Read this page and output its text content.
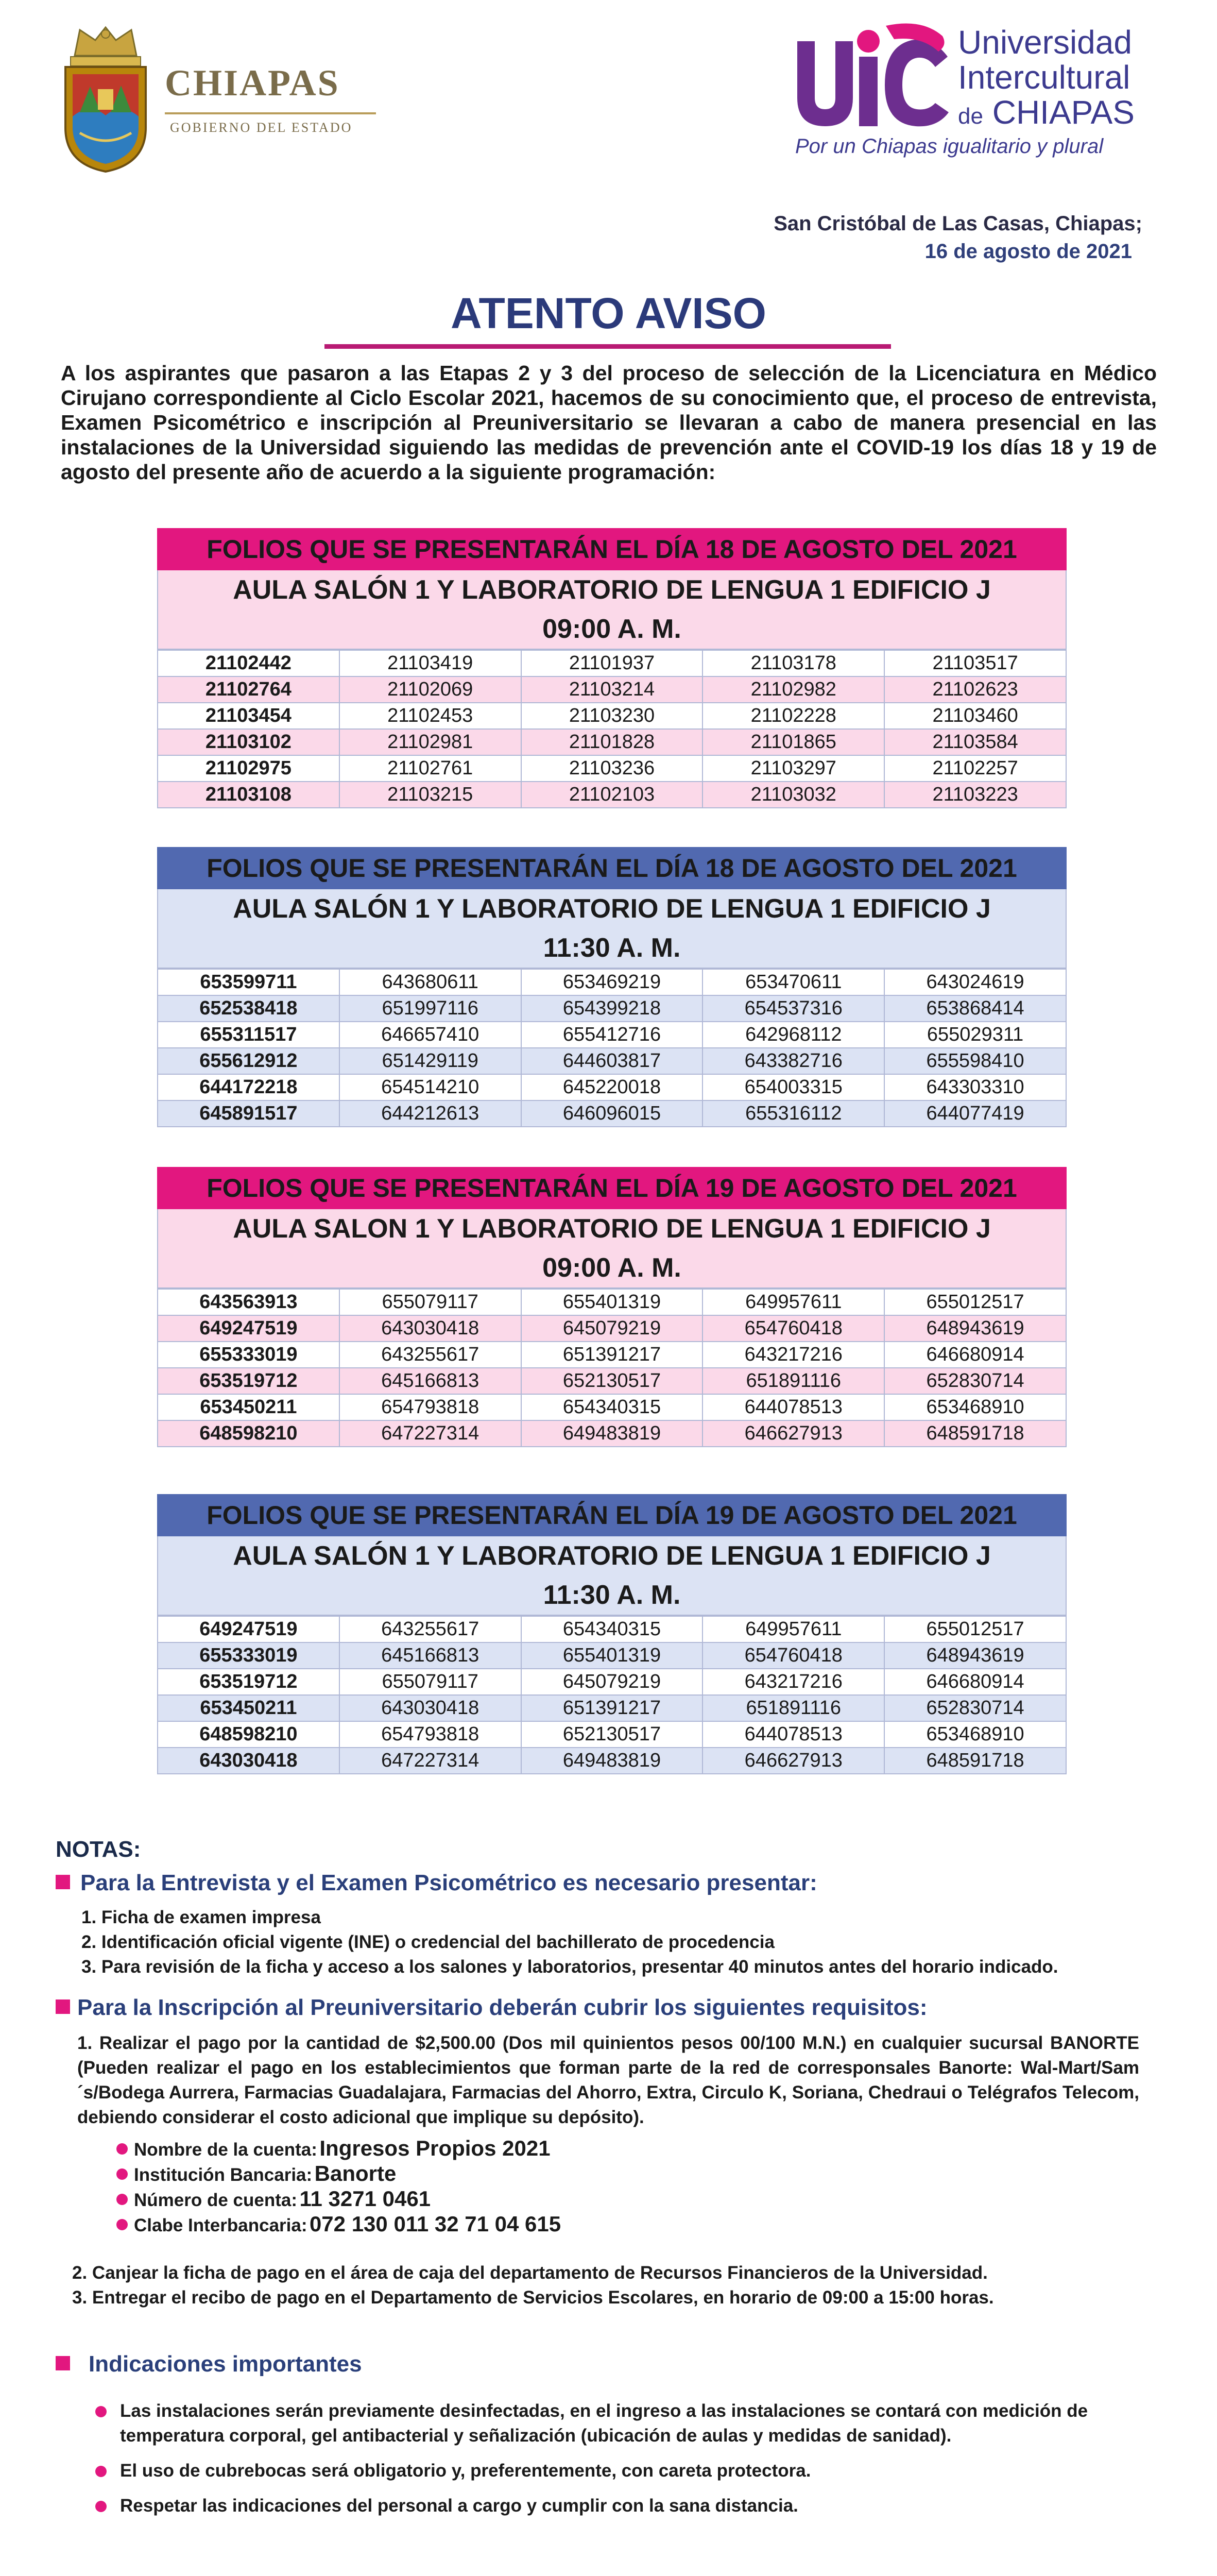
CHIAPAS
GOBIERNO DEL ESTADO
Universidad
Intercultural
de CHIAPAS
Por un Chiapas igualitario y plural
San Cristóbal de Las Casas, Chiapas;
16 de agosto de 2021
ATENTO AVISO
A los aspirantes que pasaron a las Etapas 2 y 3 del proceso de selección de la Licenciatura en Médico Cirujano correspondiente al Ciclo Escolar 2021, hacemos de su conocimiento que, el proceso de entrevista, Examen Psicométrico e inscripción al Preuniversitario se llevaran a cabo de manera presencial en las instalaciones de la Universidad siguiendo las medidas de prevención ante el COVID-19 los días 18 y 19 de agosto del presente año de acuerdo a la siguiente programación:
FOLIOS QUE SE PRESENTARÁN EL DÍA 18 DE AGOSTO DEL 2021
AULA SALÓN 1 Y LABORATORIO DE LENGUA 1 EDIFICIO J
09:00 A. M.
21102442	21103419	21101937	21103178	21103517
21102764	21102069	21103214	21102982	21102623
21103454	21102453	21103230	21102228	21103460
21103102	21102981	21101828	21101865	21103584
21102975	21102761	21103236	21103297	21102257
21103108	21103215	21102103	21103032	21103223
FOLIOS QUE SE PRESENTARÁN EL DÍA 18 DE AGOSTO DEL 2021
AULA SALÓN 1 Y LABORATORIO DE LENGUA 1 EDIFICIO J
11:30 A. M.
653599711	643680611	653469219	653470611	643024619
652538418	651997116	654399218	654537316	653868414
655311517	646657410	655412716	642968112	655029311
655612912	651429119	644603817	643382716	655598410
644172218	654514210	645220018	654003315	643303310
645891517	644212613	646096015	655316112	644077419
FOLIOS QUE SE PRESENTARÁN EL DÍA 19 DE AGOSTO DEL 2021
AULA SALON 1 Y LABORATORIO DE LENGUA 1 EDIFICIO J
09:00 A. M.
643563913	655079117	655401319	649957611	655012517
649247519	643030418	645079219	654760418	648943619
655333019	643255617	651391217	643217216	646680914
653519712	645166813	652130517	651891116	652830714
653450211	654793818	654340315	644078513	653468910
648598210	647227314	649483819	646627913	648591718
FOLIOS QUE SE PRESENTARÁN EL DÍA 19 DE AGOSTO DEL 2021
AULA SALÓN 1 Y LABORATORIO DE LENGUA 1 EDIFICIO J
11:30 A. M.
649247519	643255617	654340315	649957611	655012517
655333019	645166813	655401319	654760418	648943619
653519712	655079117	645079219	643217216	646680914
653450211	643030418	651391217	651891116	652830714
648598210	654793818	652130517	644078513	653468910
643030418	647227314	649483819	646627913	648591718
NOTAS:
Para la Entrevista y el Examen Psicométrico es necesario presentar:
1. Ficha de examen impresa
2. Identificación oficial vigente (INE) o credencial del bachillerato de procedencia
3. Para revisión de la ficha y acceso a los salones y laboratorios, presentar 40 minutos antes del horario indicado.
Para la Inscripción al Preuniversitario deberán cubrir los siguientes requisitos:
1. Realizar el pago por la cantidad de $2,500.00 (Dos mil quinientos pesos 00/100 M.N.) en cualquier sucursal BANORTE (Pueden realizar el pago en los establecimientos que forman parte de la red de corresponsales Banorte: Wal-Mart/Sam´s/Bodega Aurrera, Farmacias Guadalajara, Farmacias del Ahorro, Extra, Circulo K, Soriana, Chedraui o Telégrafos Telecom, debiendo considerar el costo adicional que implique su depósito).
Nombre de la cuenta: Ingresos Propios 2021
Institución Bancaria: Banorte
Número de cuenta: 11 3271 0461
Clabe Interbancaria: 072 130 011 32 71 04 615
2. Canjear la ficha de pago en el área de caja del departamento de Recursos Financieros de la Universidad.
3. Entregar el recibo de pago en el Departamento de Servicios Escolares, en horario de 09:00 a 15:00 horas.
Indicaciones importantes
Las instalaciones serán previamente desinfectadas, en el ingreso a las instalaciones se contará con medición de temperatura corporal, gel antibacterial y señalización (ubicación de aulas y medidas de sanidad).
El uso de cubrebocas será obligatorio y, preferentemente, con careta protectora.
Respetar las indicaciones del personal a cargo y cumplir con la sana distancia.
